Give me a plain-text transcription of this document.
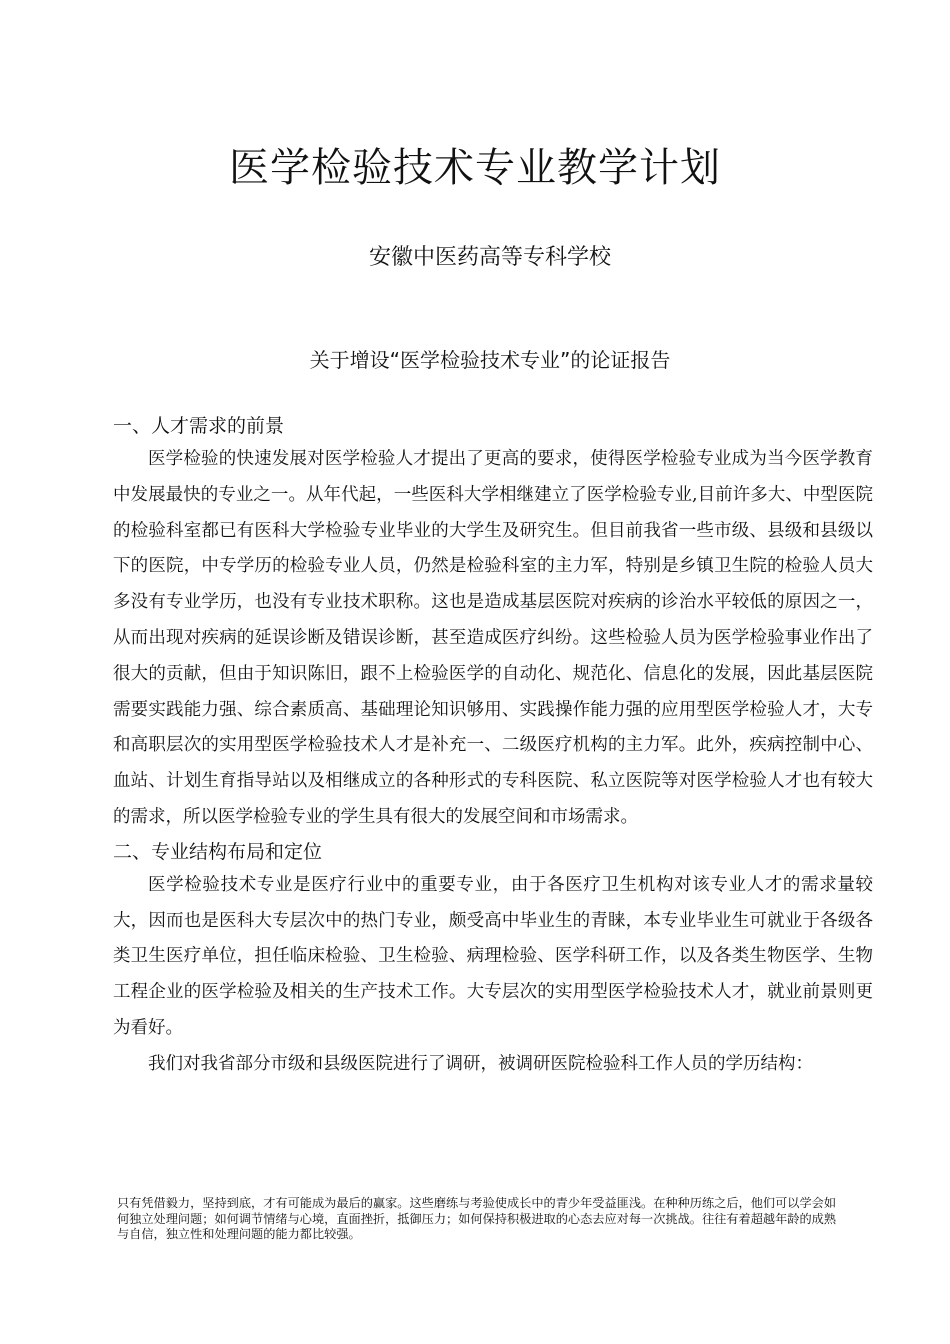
医学检验技术专业教学计划
安徽中医药高等专科学校
关于增设“医学检验技术专业”的论证报告
一、人才需求的前景

医学检验的快速发展对医学检验人才提出了更高的要求，使得医学检验专业成为当今医学教育中发展最快的专业之一。从年代起，一些医科大学相继建立了医学检验专业,目前许多大、中型医院的检验科室都已有医科大学检验专业毕业的大学生及研究生。但目前我省一些市级、县级和县级以下的医院，中专学历的检验专业人员，仍然是检验科室的主力军，特别是乡镇卫生院的检验人员大多没有专业学历，也没有专业技术职称。这也是造成基层医院对疾病的诊治水平较低的原因之一，从而出现对疾病的延误诊断及错误诊断，甚至造成医疗纠纷。这些检验人员为医学检验事业作出了很大的贡献，但由于知识陈旧，跟不上检验医学的自动化、规范化、信息化的发展，因此基层医院需要实践能力强、综合素质高、基础理论知识够用、实践操作能力强的应用型医学检验人才，大专和高职层次的实用型医学检验技术人才是补充一、二级医疗机构的主力军。此外，疾病控制中心、血站、计划生育指导站以及相继成立的各种形式的专科医院、私立医院等对医学检验人才也有较大的需求，所以医学检验专业的学生具有很大的发展空间和市场需求。

二、专业结构布局和定位

医学检验技术专业是医疗行业中的重要专业，由于各医疗卫生机构对该专业人才的需求量较大，因而也是医科大专层次中的热门专业，颇受高中毕业生的青睐，本专业毕业生可就业于各级各类卫生医疗单位，担任临床检验、卫生检验、病理检验、医学科研工作，以及各类生物医学、生物工程企业的医学检验及相关的生产技术工作。大专层次的实用型医学检验技术人才，就业前景则更为看好。

我们对我省部分市级和县级医院进行了调研，被调研医院检验科工作人员的学历结构：

只有凭借毅力，坚持到底，才有可能成为最后的赢家。这些磨练与考验使成长中的青少年受益匪浅。在种种历练之后，他们可以学会如何独立处理问题；如何调节情绪与心境，直面挫折，抵御压力；如何保持积极进取的心态去应对每一次挑战。往往有着超越年龄的成熟与自信，独立性和处理问题的能力都比较强。
